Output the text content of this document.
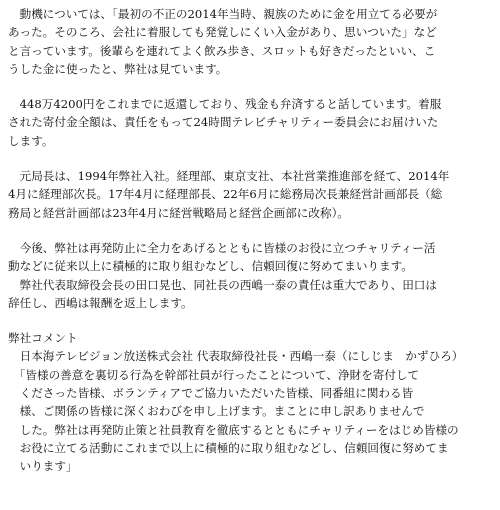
　動機については、「最初の不正の2014年当時、親族のために金を用立てる必要が
あった。そのころ、会社に着服しても発覚しにくい入金があり、思いついた」など
と言っています。後輩らを連れてよく飲み歩き、スロットも好きだったといい、こ
うした金に使ったと、弊社は見ています。
　448万4200円をこれまでに返還しており、残金も弁済すると話しています。着服
された寄付金全額は、責任をもって24時間テレビチャリティー委員会にお届けいた
します。
　元局長は、1994年弊社入社。経理部、東京支社、本社営業推進部を経て、2014年
4月に経理部次長。17年4月に経理部長、22年6月に総務局次長兼経営計画部長（総
務局と経営計画部は23年4月に経営戦略局と経営企画部に改称）。
　今後、弊社は再発防止に全力をあげるとともに皆様のお役に立つチャリティー活
動などに従来以上に積極的に取り組むなどし、信頼回復に努めてまいります。
　弊社代表取締役会長の田口晃也、同社長の西嶋一泰の責任は重大であり、田口は
辞任し、西嶋は報酬を返上します。
弊社コメント
　日本海テレビジョン放送株式会社 代表取締役社長・西嶋一泰（にしじま　かずひろ）
　「皆様の善意を裏切る行為を幹部社員が行ったことについて、浄財を寄付して
　くださった皆様、ボランティアでご協力いただいた皆様、同番組に関わる皆
　様、ご関係の皆様に深くおわびを申し上げます。まことに申し訳ありませんで
　した。弊社は再発防止策と社員教育を徹底するとともにチャリティーをはじめ皆様の
　お役に立てる活動にこれまで以上に積極的に取り組むなどし、信頼回復に努めてま
　いります」
